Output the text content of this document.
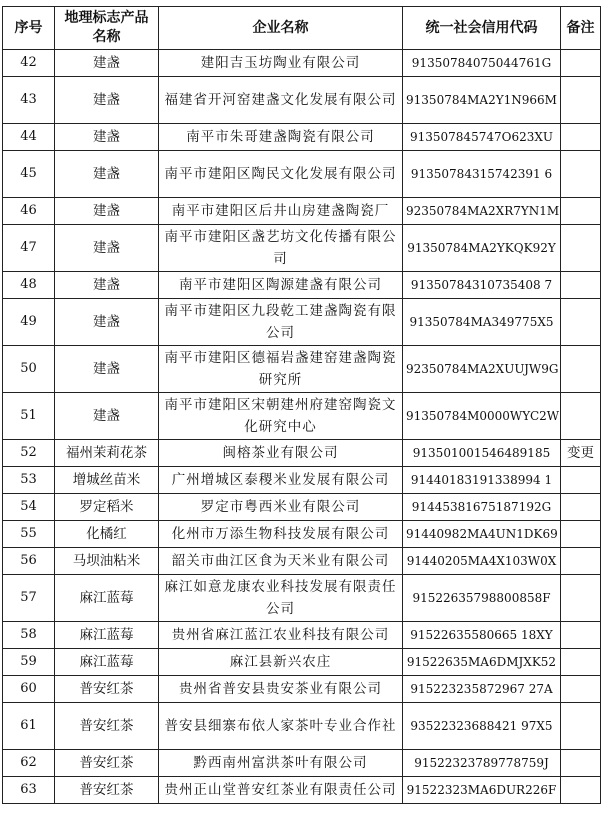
序号	地理标志产品名称	企业名称	统一社会信用代码	备注
42	建盏	建阳吉玉坊陶业有限公司	91350784075044761G	
43	建盏	福建省开河窑建盏文化发展有限公司	91350784MA2Y1N966M	
44	建盏	南平市朱哥建盏陶瓷有限公司	913507845747O623XU	
45	建盏	南平市建阳区陶民文化发展有限公司	91350784315742391 6	
46	建盏	南平市建阳区后井山房建盏陶瓷厂	92350784MA2XR7YN1M	
47	建盏	南平市建阳区盏艺坊文化传播有限公司	91350784MA2YKQK92Y	
48	建盏	南平市建阳区陶源建盏有限公司	91350784310735408 7	
49	建盏	南平市建阳区九段乾工建盏陶瓷有限公司	91350784MA349775X5	
50	建盏	南平市建阳区德福岩盏建窑建盏陶瓷研究所	92350784MA2XUUJW9G	
51	建盏	南平市建阳区宋朝建州府建窑陶瓷文化研究中心	91350784M0000WYC2W	
52	福州茉莉花茶	闽榕茶业有限公司	913501001546489185	变更
53	增城丝苗米	广州增城区泰稷米业发展有限公司	91440183191338994 1	
54	罗定稻米	罗定市粤西米业有限公司	91445381675187192G	
55	化橘红	化州市万添生物科技发展有限公司	91440982MA4UN1DK69	
56	马坝油粘米	韶关市曲江区食为天米业有限公司	91440205MA4X103W0X	
57	麻江蓝莓	麻江如意龙康农业科技发展有限责任公司	91522635798800858F	
58	麻江蓝莓	贵州省麻江蓝江农业科技有限公司	91522635580665 18XY	
59	麻江蓝莓	麻江县新兴农庄	91522635MA6DMJXK52	
60	普安红茶	贵州省普安县贵安茶业有限公司	915223235872967 27A	
61	普安红茶	普安县细寨布依人家茶叶专业合作社	93522323688421 97X5	
62	普安红茶	黔西南州富洪茶叶有限公司	91522323789778759J	
63	普安红茶	贵州正山堂普安红茶业有限责任公司	91522323MA6DUR226F	
